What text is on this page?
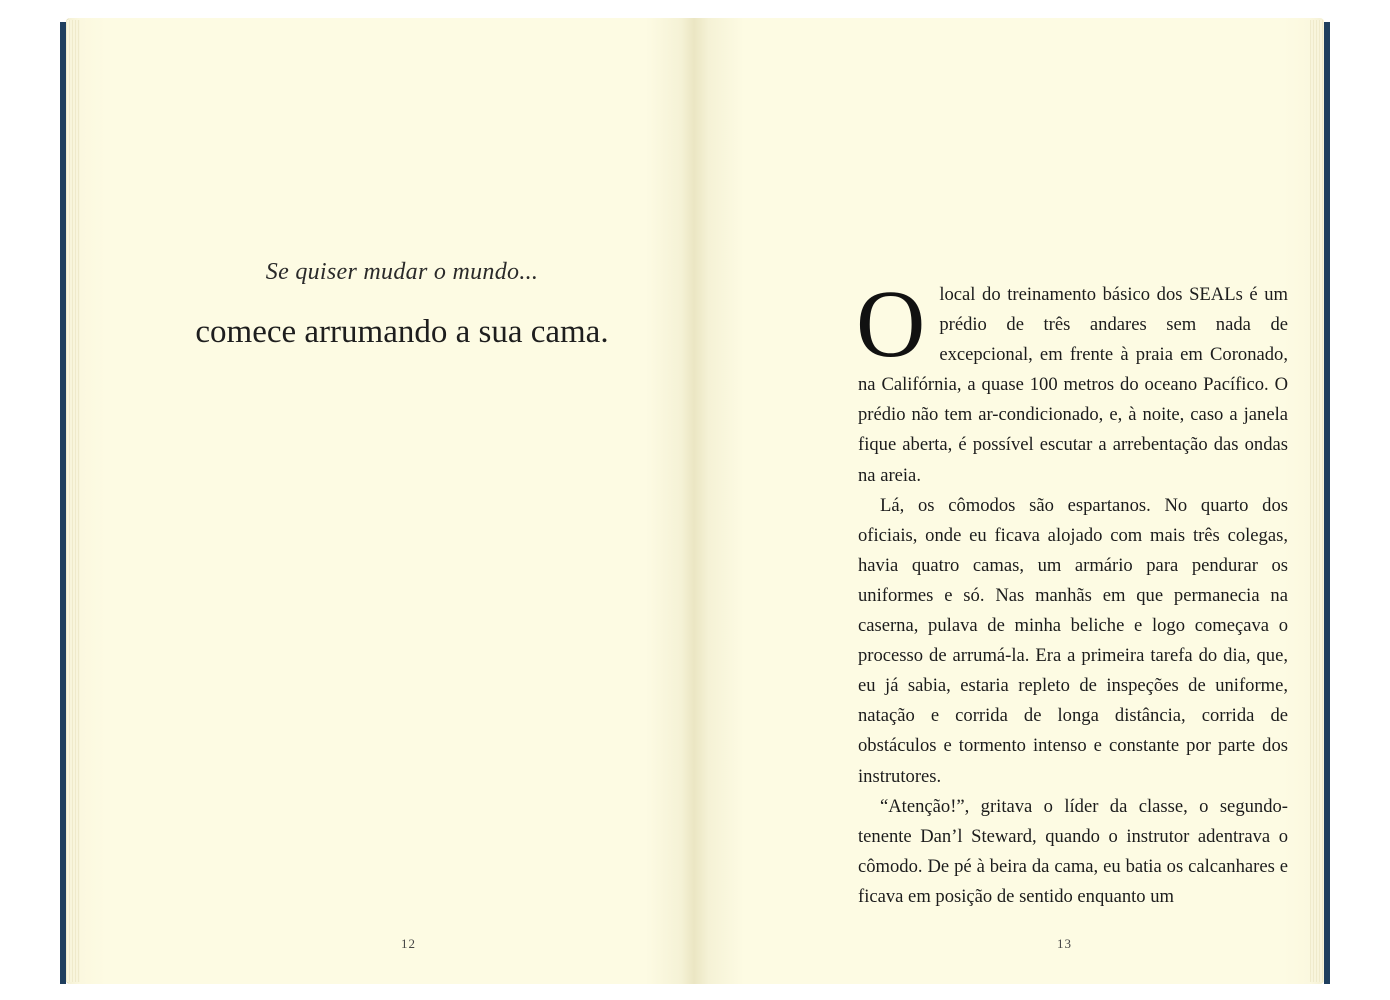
Se quiser mudar o mundo...
comece arrumando a sua cama.
12

O local do treinamento básico dos SEALs é um prédio de três andares sem nada de excepcional, em frente à praia em Coronado, na Califórnia, a quase 100 metros do oceano Pacífico. O prédio não tem ar-condicionado, e, à noite, caso a janela fique aberta, é possível escutar a arrebentação das ondas na areia.

Lá, os cômodos são espartanos. No quarto dos oficiais, onde eu ficava alojado com mais três colegas, havia quatro camas, um armário para pendurar os uniformes e só. Nas manhãs em que permanecia na caserna, pulava de minha beliche e logo começava o processo de arrumá-la. Era a primeira tarefa do dia, que, eu já sabia, estaria repleto de inspeções de uniforme, natação e corrida de longa distância, corrida de obstáculos e tormento intenso e constante por parte dos instrutores.

“Atenção!”, gritava o líder da classe, o segundo-tenente Dan’l Steward, quando o instrutor adentrava o cômodo. De pé à beira da cama, eu batia os calcanhares e ficava em posição de sentido enquanto um

13
